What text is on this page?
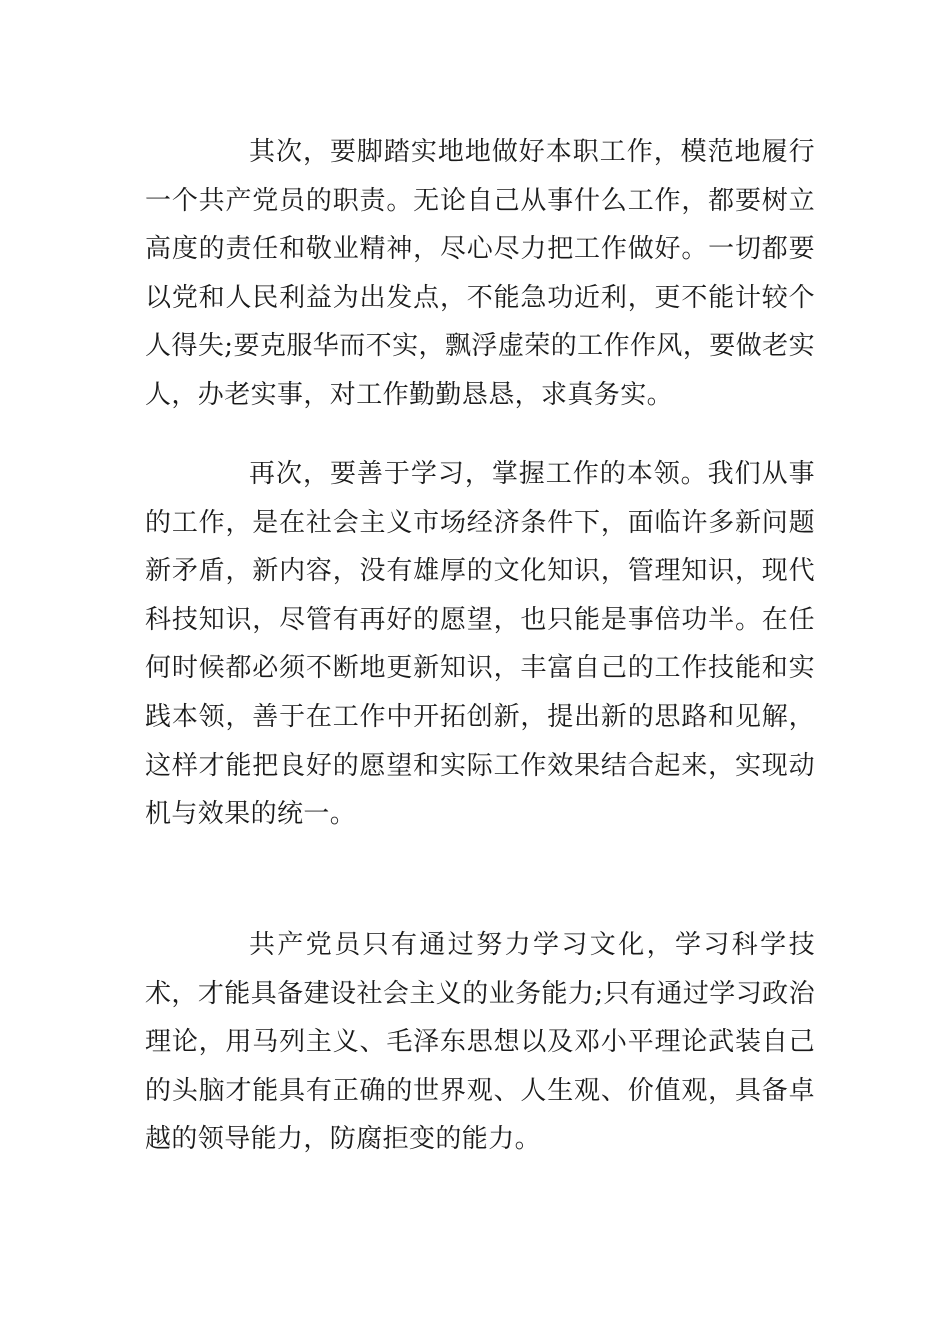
其次，要脚踏实地地做好本职工作，模范地履行一个共产党员的职责。无论自己从事什么工作，都要树立高度的责任和敬业精神，尽心尽力把工作做好。一切都要以党和人民利益为出发点，不能急功近利，更不能计较个人得失;要克服华而不实，飘浮虚荣的工作作风，要做老实人，办老实事，对工作勤勤恳恳，求真务实。

再次，要善于学习，掌握工作的本领。我们从事的工作，是在社会主义市场经济条件下，面临许多新问题新矛盾，新内容，没有雄厚的文化知识，管理知识，现代科技知识，尽管有再好的愿望，也只能是事倍功半。在任何时候都必须不断地更新知识，丰富自己的工作技能和实践本领，善于在工作中开拓创新，提出新的思路和见解，这样才能把良好的愿望和实际工作效果结合起来，实现动机与效果的统一。

共产党员只有通过努力学习文化，学习科学技术，才能具备建设社会主义的业务能力;只有通过学习政治理论，用马列主义、毛泽东思想以及邓小平理论武装自己的头脑才能具有正确的世界观、人生观、价值观，具备卓越的领导能力，防腐拒变的能力。
